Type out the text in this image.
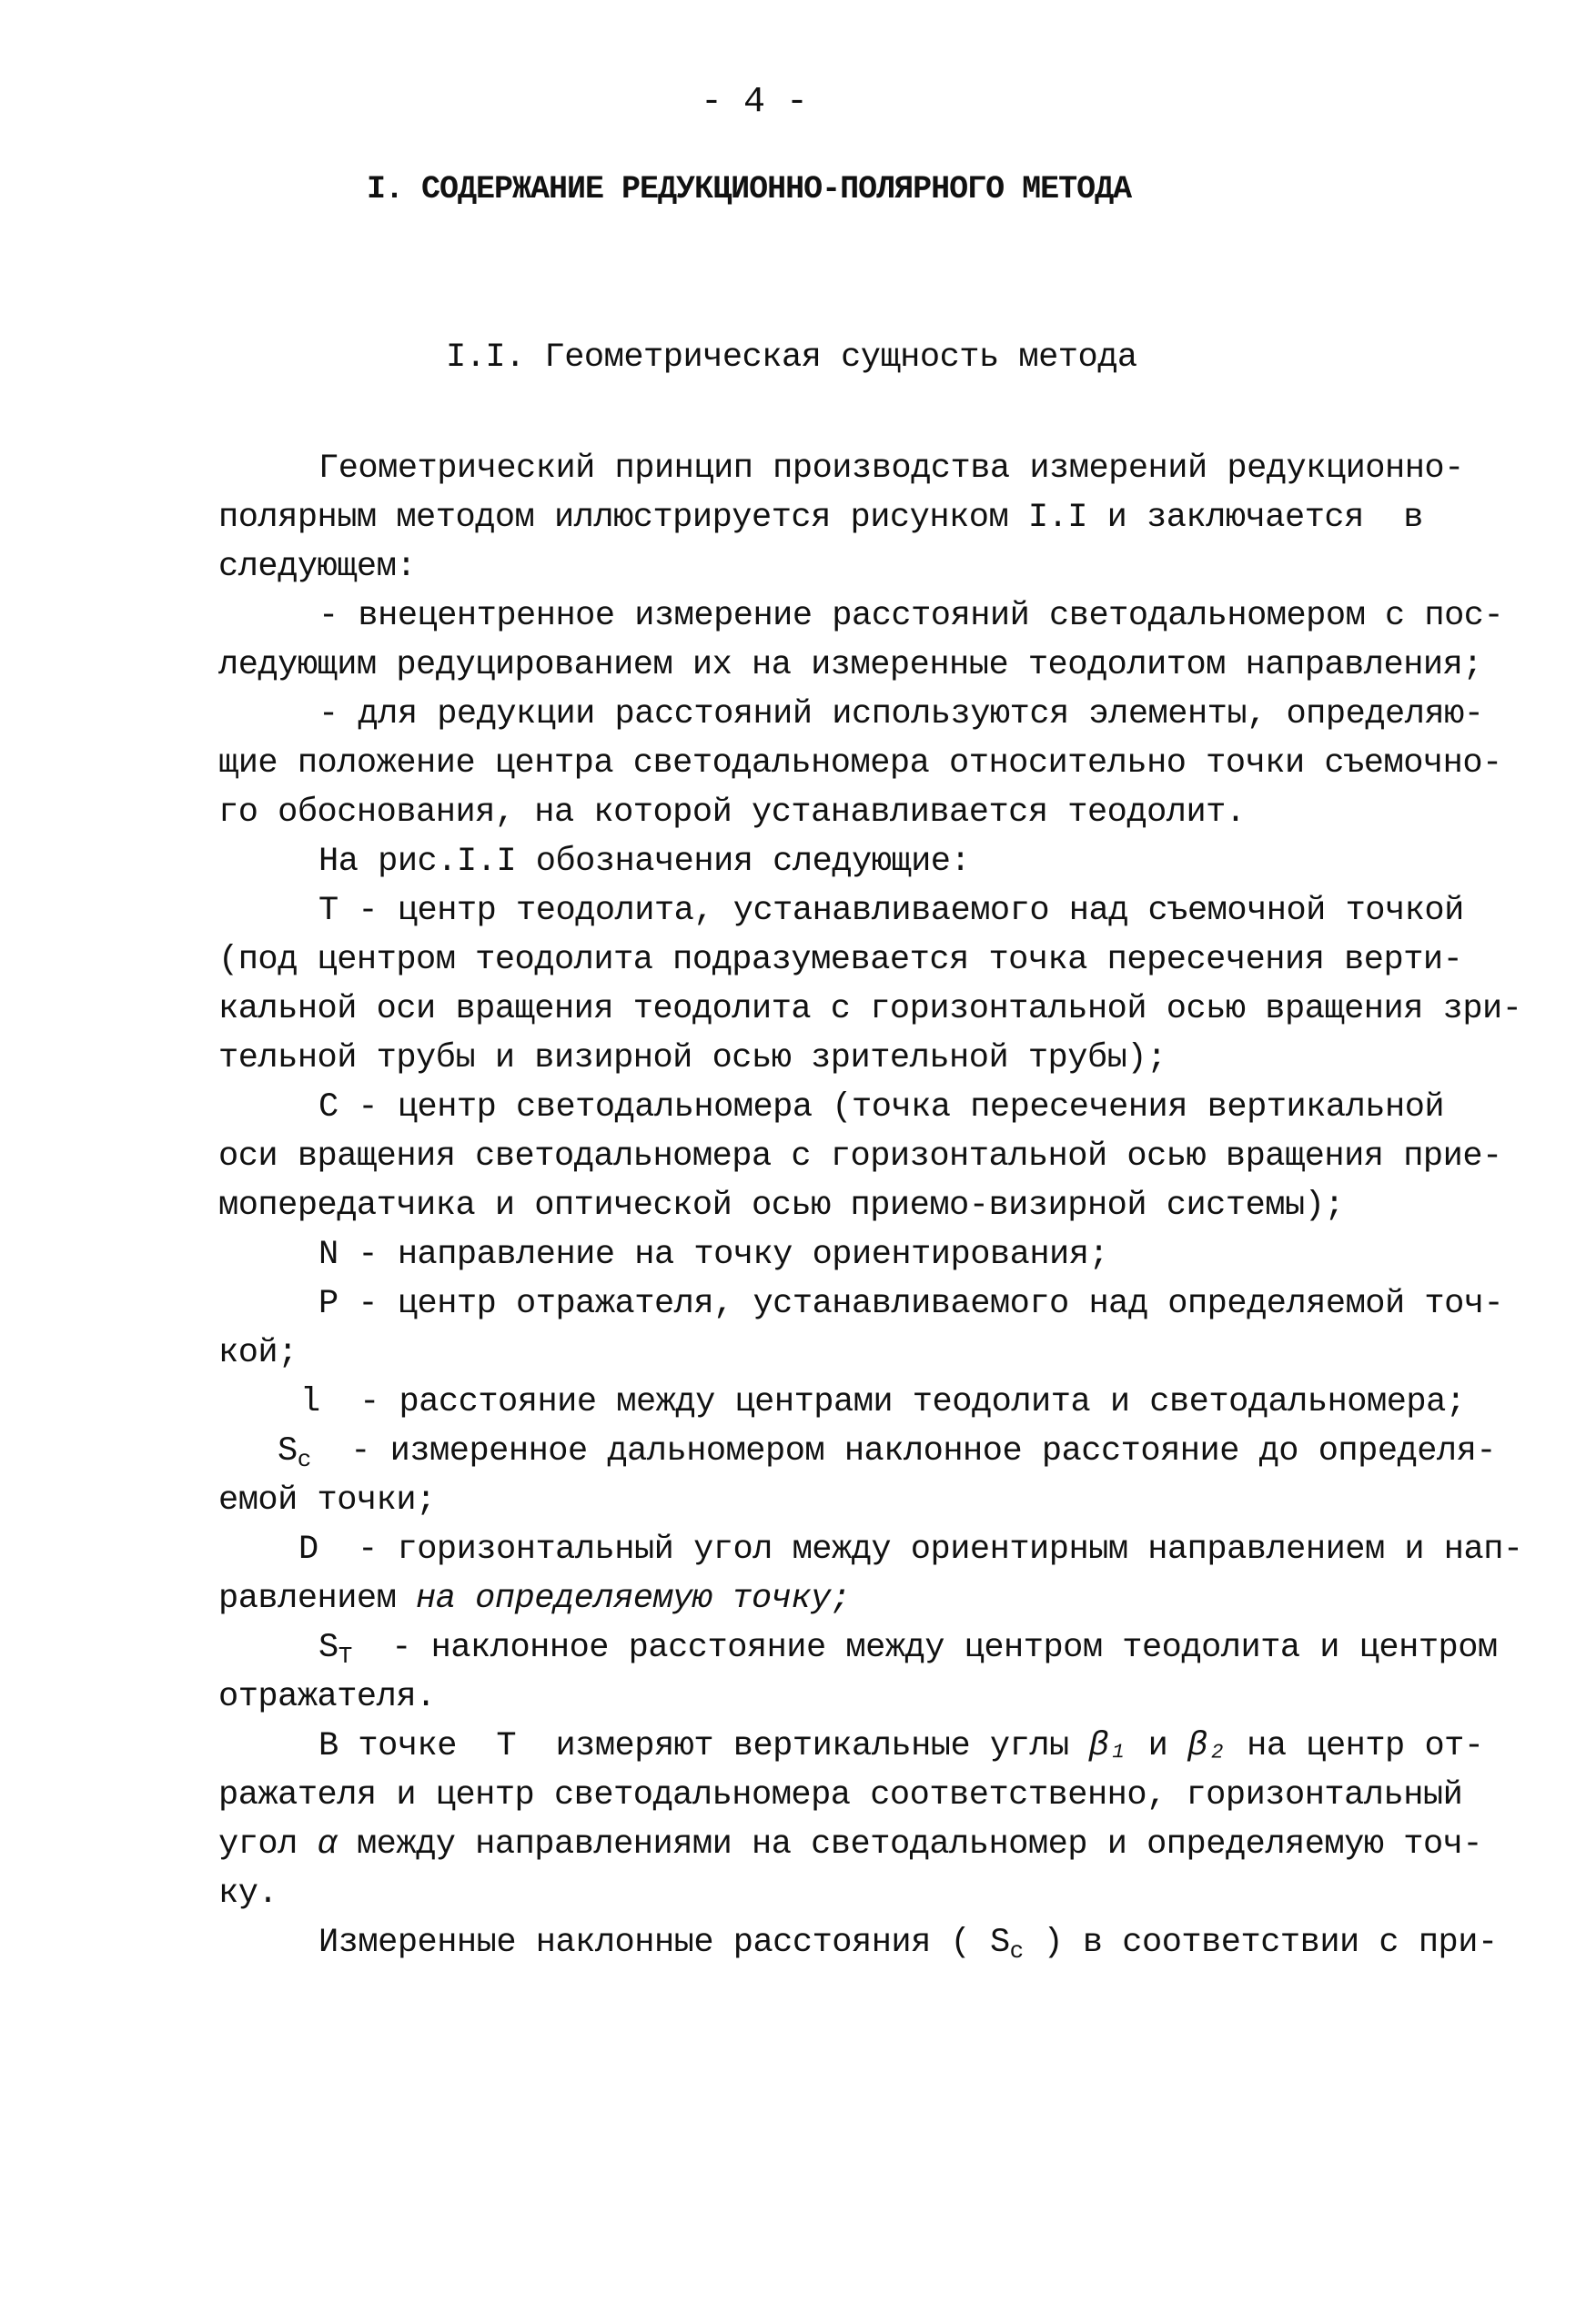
- 4 -
I. СОДЕРЖАНИЕ РЕДУКЦИОННО-ПОЛЯРНОГО МЕТОДА
I.I. Геометрическая сущность метода
Геометрический принцип производства измерений редукционно-
полярным методом иллюстрируется рисунком I.I и заключается  в
следующем:
- внецентренное измерение расстояний светодальномером с пос-
ледующим редуцированием их на измеренные теодолитом направления;
- для редукции расстояний используются элементы, определяю-
щие положение центра светодальномера относительно точки съемочно-
го обоснования, на которой устанавливается теодолит.
На рис.I.I обозначения следующие:
Т - центр теодолита, устанавливаемого над съемочной точкой
(под центром теодолита подразумевается точка пересечения верти-
кальной оси вращения теодолита с горизонтальной осью вращения зри-
тельной трубы и визирной осью зрительной трубы);
С - центр светодальномера (точка пересечения вертикальной
оси вращения светодальномера с горизонтальной осью вращения прие-
мопередатчика и оптической осью приемо-визирной системы);
N - направление на точку ориентирования;
Р - центр отражателя, устанавливаемого над определяемой точ-
кой;
l  - расстояние между центрами теодолита и светодальномера;
$S_c$  - измеренное дальномером наклонное расстояние до определя-
емой точки;
D  - горизонтальный угол между ориентирным направлением и нап-
равлением на определяемую точку;
$S_T$  - наклонное расстояние между центром теодолита и центром
отражателя.
В точке  Т  измеряют вертикальные углы β₁ и β₂ на центр от-
ражателя и центр светодальномера соответственно, горизонтальный
угол α между направлениями на светодальномер и определяемую точ-
ку.
Измеренные наклонные расстояния ( $S_c$ ) в соответствии с при-
